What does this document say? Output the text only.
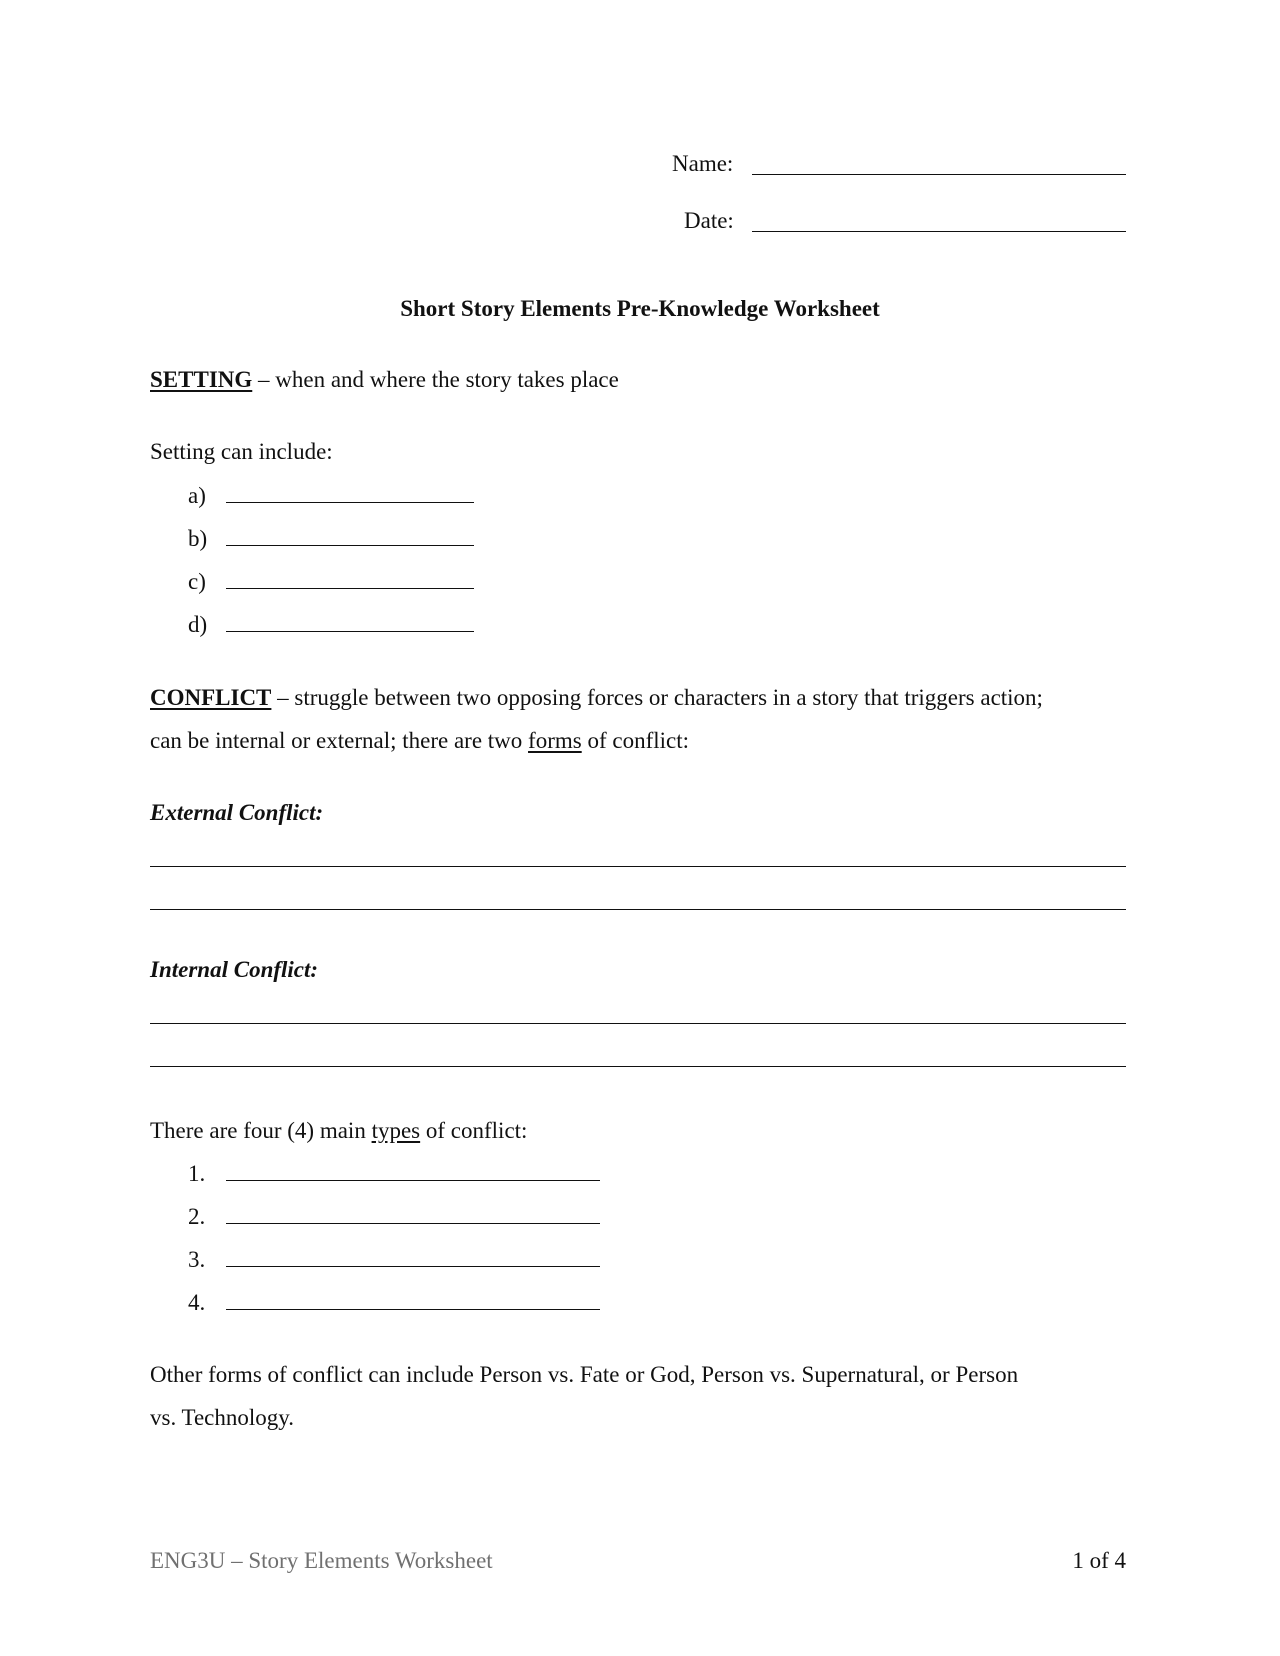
Name:
Date:
Short Story Elements Pre-Knowledge Worksheet
SETTING – when and where the story takes place
Setting can include:
a)
b)
c)
d)
CONFLICT – struggle between two opposing forces or characters in a story that triggers action;
can be internal or external; there are two forms of conflict:
External Conflict:
Internal Conflict:
There are four (4) main types of conflict:
1.
2.
3.
4.
Other forms of conflict can include Person vs. Fate or God, Person vs. Supernatural, or Person
vs. Technology.
ENG3U – Story Elements Worksheet	1 of 4
